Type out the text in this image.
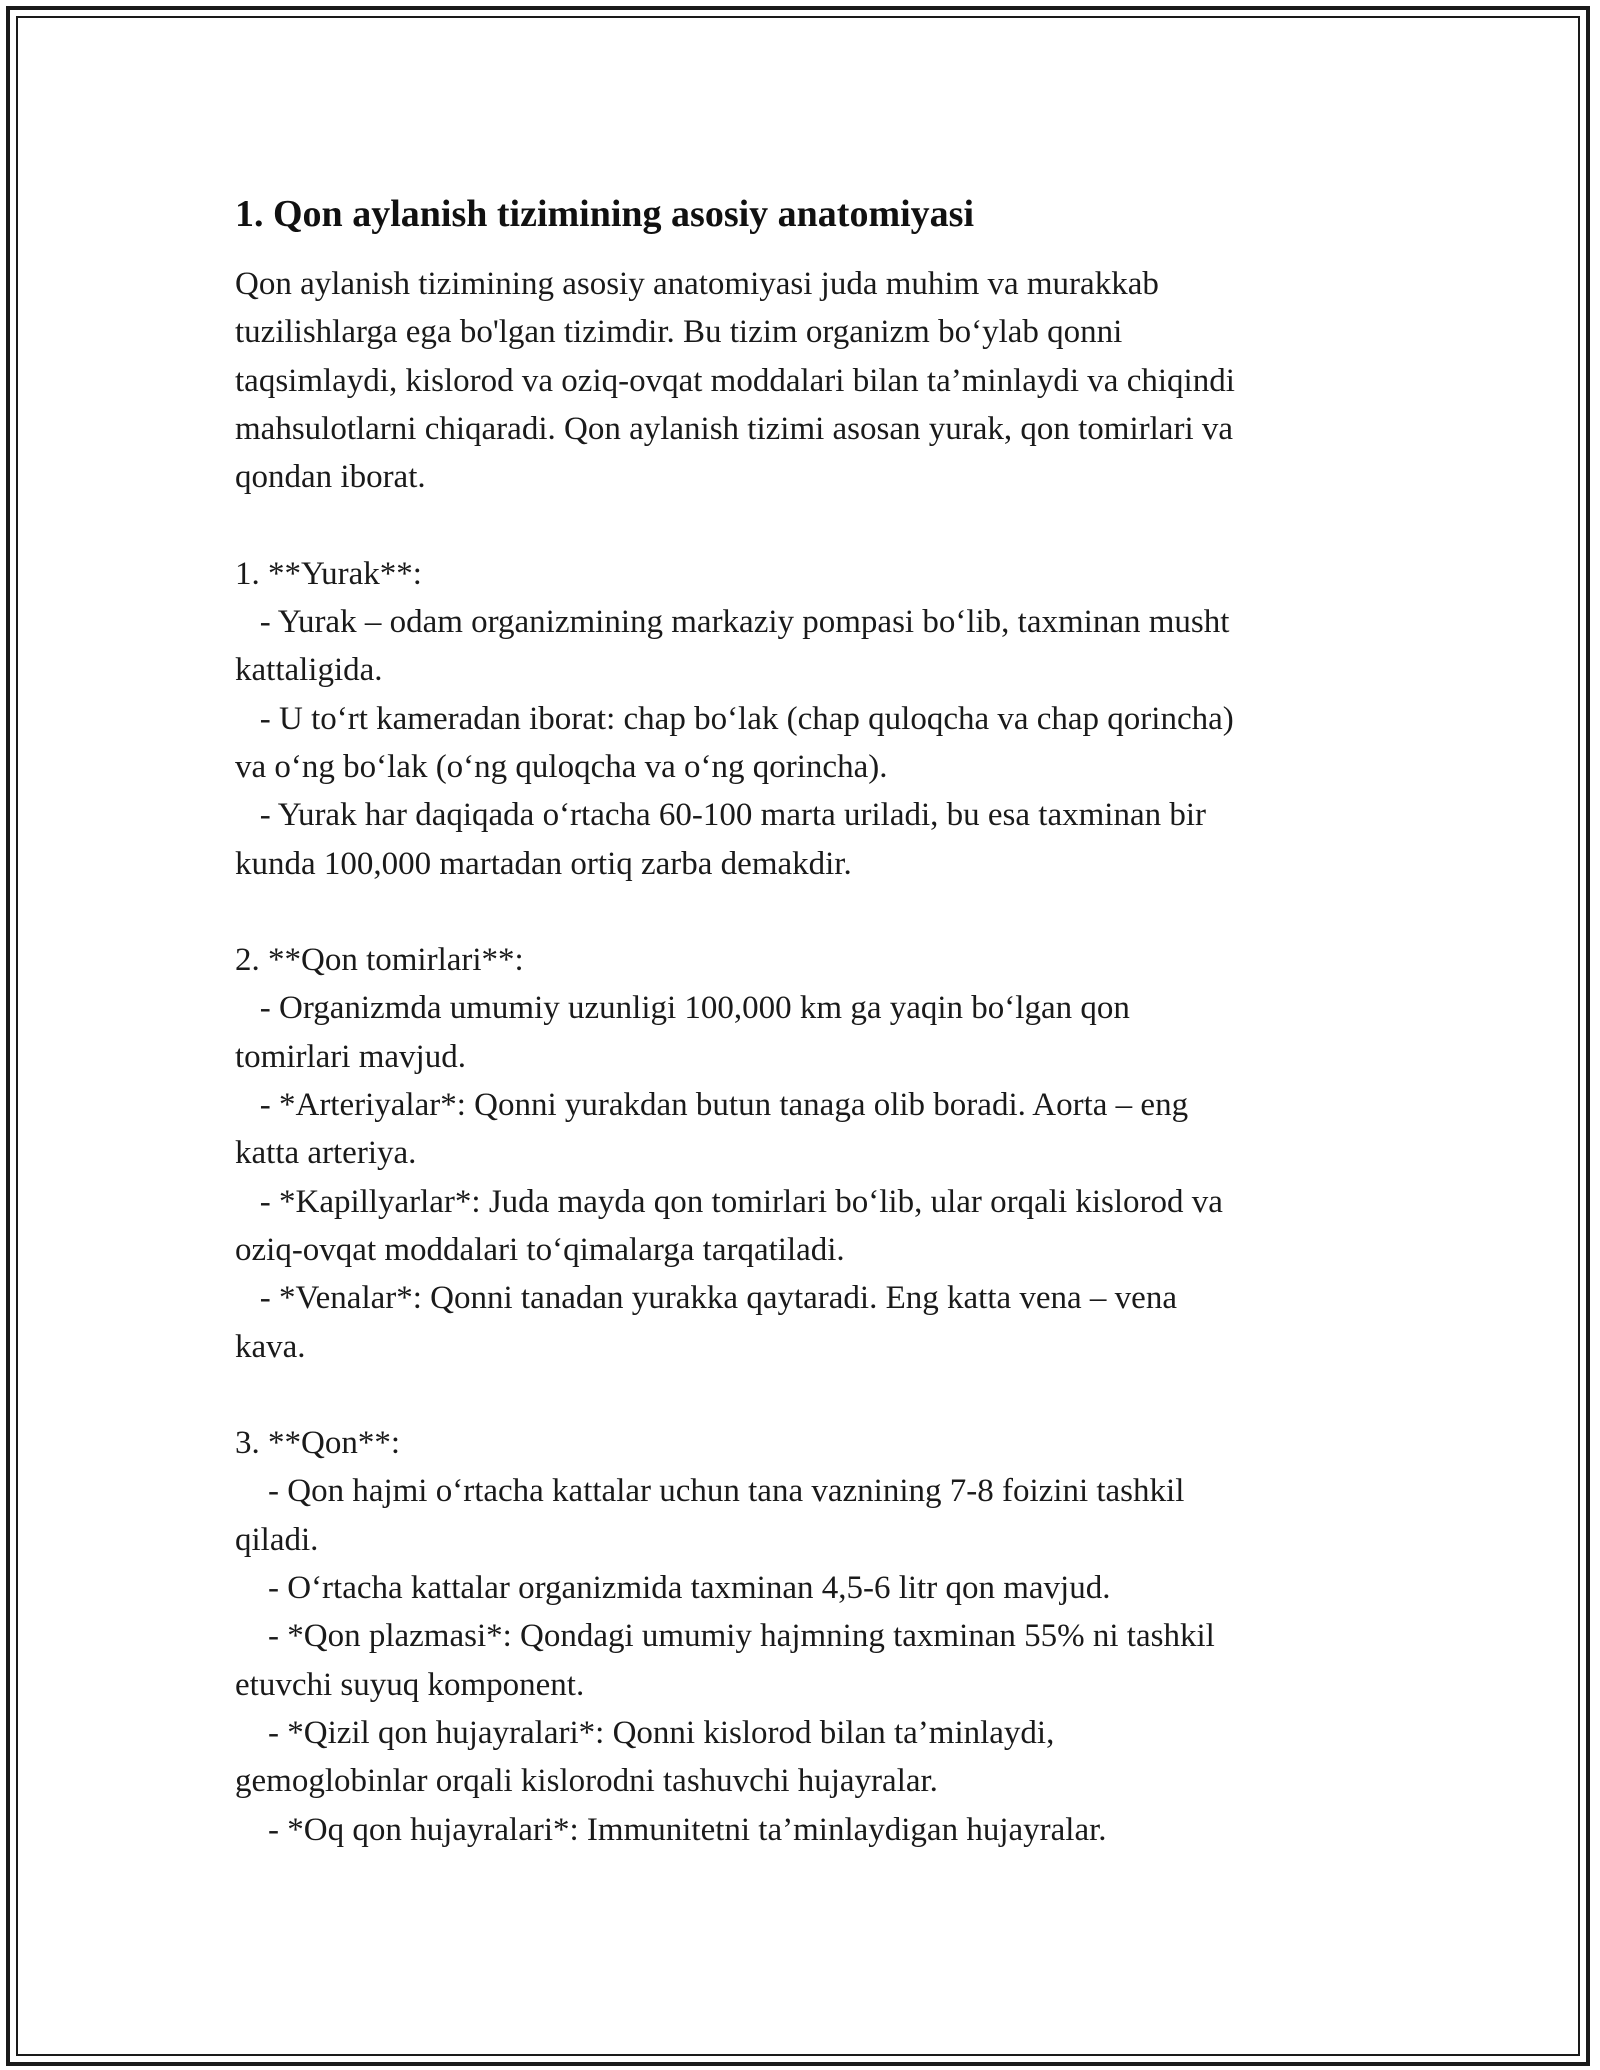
1. Qon aylanish tizimining asosiy anatomiyasi
Qon aylanish tizimining asosiy anatomiyasi juda muhim va murakkab
tuzilishlarga ega bo'lgan tizimdir. Bu tizim organizm bo‘ylab qonni
taqsimlaydi, kislorod va oziq-ovqat moddalari bilan ta’minlaydi va chiqindi
mahsulotlarni chiqaradi. Qon aylanish tizimi asosan yurak, qon tomirlari va
qondan iborat.
1. **Yurak**:
- Yurak – odam organizmining markaziy pompasi bo‘lib, taxminan musht
kattaligida.
- U to‘rt kameradan iborat: chap bo‘lak (chap quloqcha va chap qorincha)
va o‘ng bo‘lak (o‘ng quloqcha va o‘ng qorincha).
- Yurak har daqiqada o‘rtacha 60-100 marta uriladi, bu esa taxminan bir
kunda 100,000 martadan ortiq zarba demakdir.
2. **Qon tomirlari**:
- Organizmda umumiy uzunligi 100,000 km ga yaqin bo‘lgan qon
tomirlari mavjud.
- *Arteriyalar*: Qonni yurakdan butun tanaga olib boradi. Aorta – eng
katta arteriya.
- *Kapillyarlar*: Juda mayda qon tomirlari bo‘lib, ular orqali kislorod va
oziq-ovqat moddalari to‘qimalarga tarqatiladi.
- *Venalar*: Qonni tanadan yurakka qaytaradi. Eng katta vena – vena
kava.
3. **Qon**:
- Qon hajmi o‘rtacha kattalar uchun tana vaznining 7-8 foizini tashkil
qiladi.
- O‘rtacha kattalar organizmida taxminan 4,5-6 litr qon mavjud.
- *Qon plazmasi*: Qondagi umumiy hajmning taxminan 55% ni tashkil
etuvchi suyuq komponent.
- *Qizil qon hujayralari*: Qonni kislorod bilan ta’minlaydi,
gemoglobinlar orqali kislorodni tashuvchi hujayralar.
- *Oq qon hujayralari*: Immunitetni ta’minlaydigan hujayralar.
